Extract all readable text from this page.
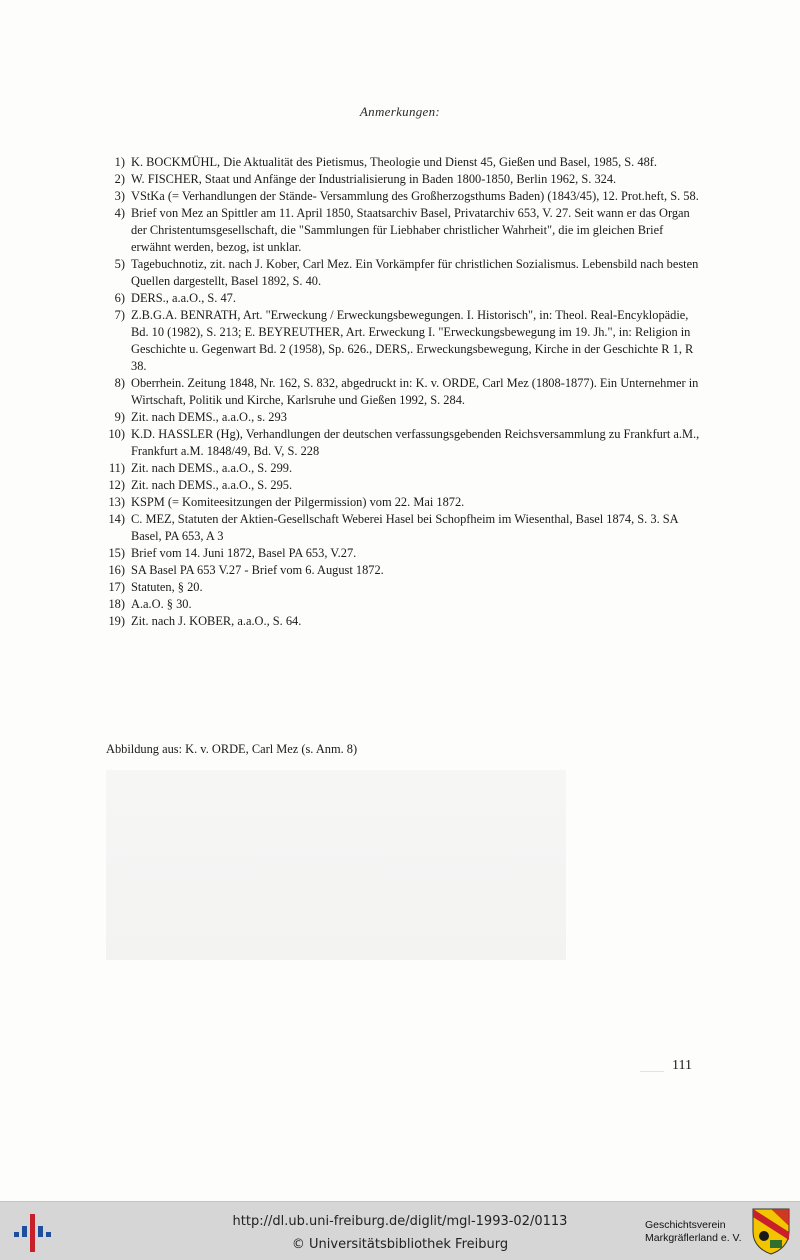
Anmerkungen:
1) K. BOCKMÜHL, Die Aktualität des Pietismus, Theologie und Dienst 45, Gießen und Basel, 1985, S. 48f.
2) W. FISCHER, Staat und Anfänge der Industrialisierung in Baden 1800-1850, Berlin 1962, S. 324.
3) VStKa (= Verhandlungen der Stände- Versammlung des Großherzogsthums Baden) (1843/45), 12. Prot.heft, S. 58.
4) Brief von Mez an Spittler am 11. April 1850, Staatsarchiv Basel, Privatarchiv 653, V. 27. Seit wann er das Organ der Christentumsgesellschaft, die "Sammlungen für Liebhaber christlicher Wahrheit", die im gleichen Brief erwähnt werden, bezog, ist unklar.
5) Tagebuchnotiz, zit. nach J. Kober, Carl Mez. Ein Vorkämpfer für christlichen Sozialismus. Lebensbild nach besten Quellen dargestellt, Basel 1892, S. 40.
6) DERS., a.a.O., S. 47.
7) Z.B.G.A. BENRATH, Art. "Erweckung / Erweckungsbewegungen. I. Historisch", in: Theol. Real-Encyklopädie, Bd. 10 (1982), S. 213; E. BEYREUTHER, Art. Erweckung I. "Erweckungsbewegung im 19. Jh.", in: Religion in Geschichte u. Gegenwart Bd. 2 (1958), Sp. 626., DERS,. Erweckungsbewegung, Kirche in der Geschichte R 1, R 38.
8) Oberrhein. Zeitung 1848, Nr. 162, S. 832, abgedruckt in: K. v. ORDE, Carl Mez (1808-1877). Ein Unternehmer in Wirtschaft, Politik und Kirche, Karlsruhe und Gießen 1992, S. 284.
9) Zit. nach DEMS., a.a.O., s. 293
10) K.D. HASSLER (Hg), Verhandlungen der deutschen verfassungsgebenden Reichsversammlung zu Frankfurt a.M., Frankfurt a.M. 1848/49, Bd. V, S. 228
11) Zit. nach DEMS., a.a.O., S. 299.
12) Zit. nach DEMS., a.a.O., S. 295.
13) KSPM (= Komiteesitzungen der Pilgermission) vom 22. Mai 1872.
14) C. MEZ, Statuten der Aktien-Gesellschaft Weberei Hasel bei Schopfheim im Wiesenthal, Basel 1874, S. 3. SA Basel, PA 653, A 3
15) Brief vom 14. Juni 1872, Basel PA 653, V.27.
16) SA Basel PA 653 V.27 - Brief vom 6. August 1872.
17) Statuten, § 20.
18) A.a.O. § 30.
19) Zit. nach J. KOBER, a.a.O., S. 64.
Abbildung aus: K. v. ORDE, Carl Mez (s. Anm. 8)
111
http://dl.ub.uni-freiburg.de/diglit/mgl-1993-02/0113
© Universitätsbibliothek Freiburg
Geschichtsverein
Markgräflerland e. V.
